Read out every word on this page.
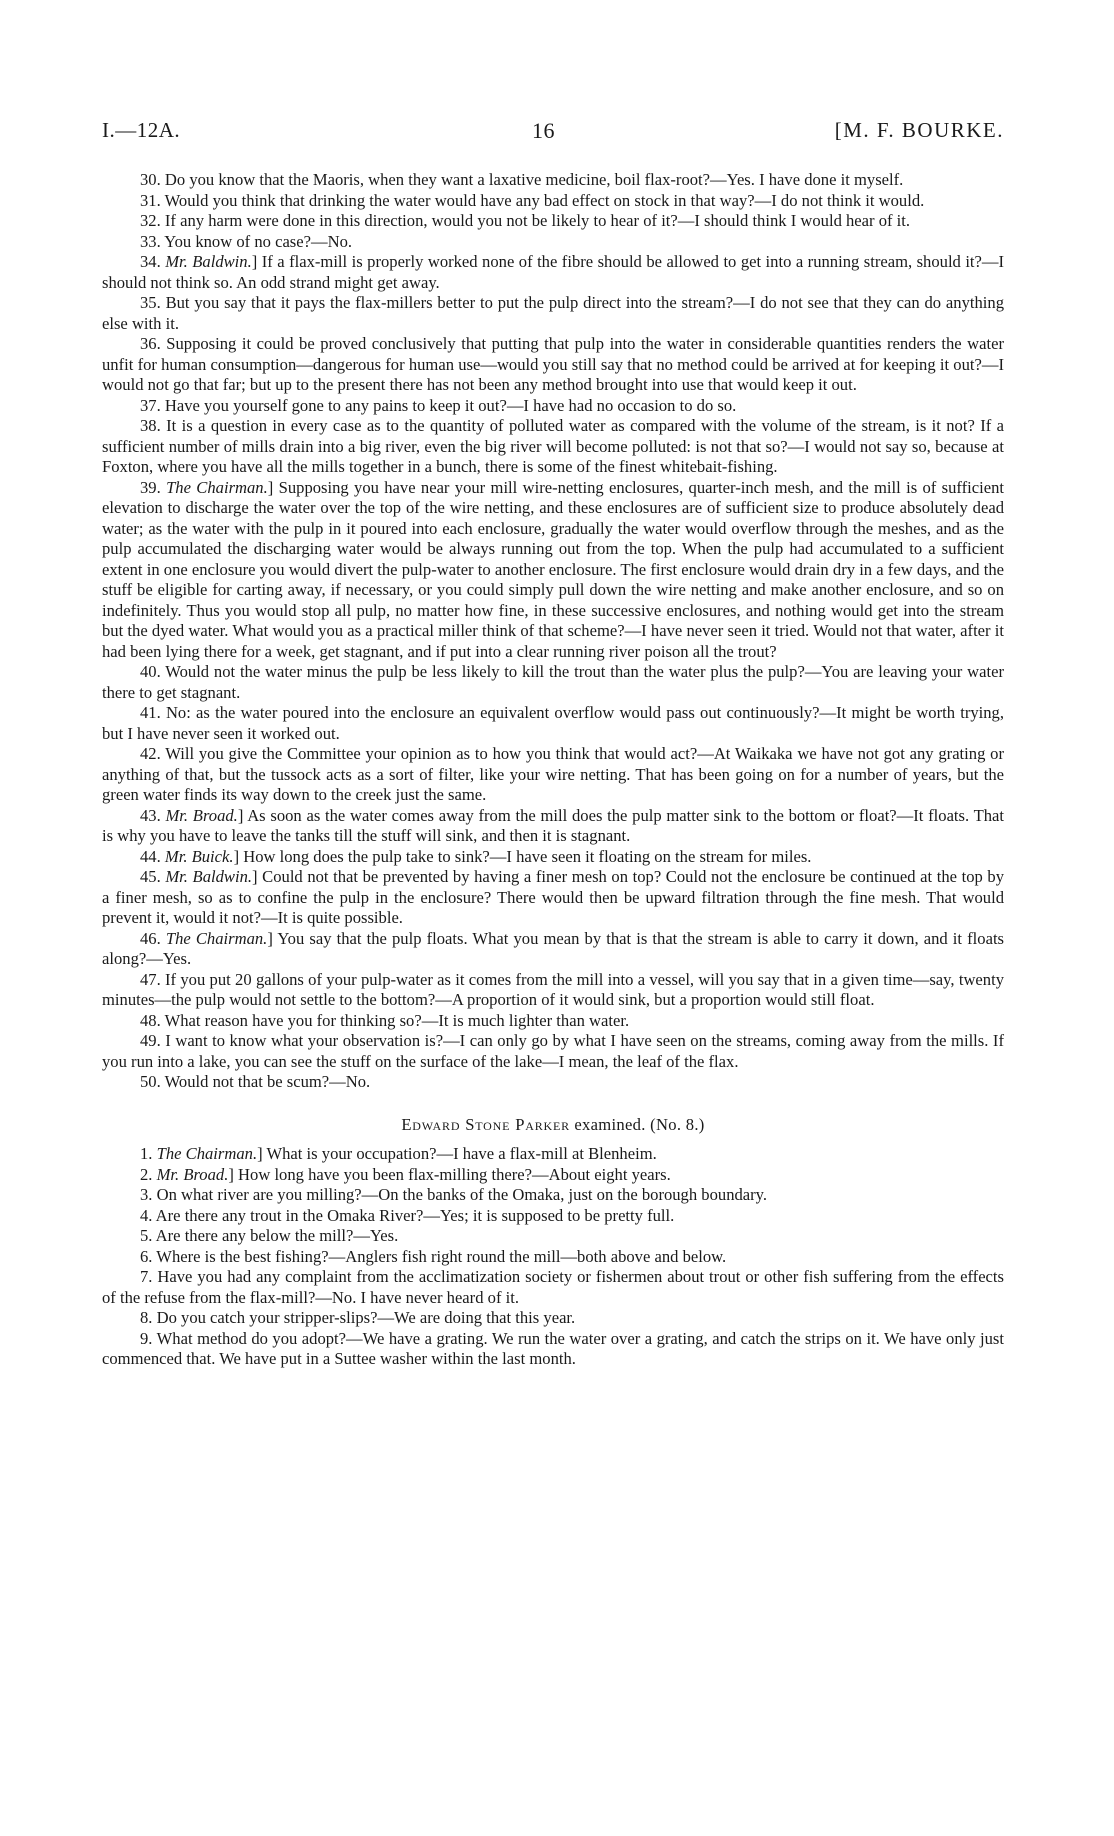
I.—12A.	16	[M. F. BOURKE.

30. Do you know that the Maoris, when they want a laxative medicine, boil flax-root?—Yes. I have done it myself.

31. Would you think that drinking the water would have any bad effect on stock in that way?—I do not think it would.

32. If any harm were done in this direction, would you not be likely to hear of it?—I should think I would hear of it.

33. You know of no case?—No.

34. Mr. Baldwin.] If a flax-mill is properly worked none of the fibre should be allowed to get into a running stream, should it?—I should not think so. An odd strand might get away.

35. But you say that it pays the flax-millers better to put the pulp direct into the stream?—I do not see that they can do anything else with it.

36. Supposing it could be proved conclusively that putting that pulp into the water in considerable quantities renders the water unfit for human consumption—dangerous for human use—would you still say that no method could be arrived at for keeping it out?—I would not go that far; but up to the present there has not been any method brought into use that would keep it out.

37. Have you yourself gone to any pains to keep it out?—I have had no occasion to do so.

38. It is a question in every case as to the quantity of polluted water as compared with the volume of the stream, is it not? If a sufficient number of mills drain into a big river, even the big river will become polluted: is not that so?—I would not say so, because at Foxton, where you have all the mills together in a bunch, there is some of the finest whitebait-fishing.

39. The Chairman.] Supposing you have near your mill wire-netting enclosures, quarter-inch mesh, and the mill is of sufficient elevation to discharge the water over the top of the wire netting, and these enclosures are of sufficient size to produce absolutely dead water; as the water with the pulp in it poured into each enclosure, gradually the water would overflow through the meshes, and as the pulp accumulated the discharging water would be always running out from the top. When the pulp had accumulated to a sufficient extent in one enclosure you would divert the pulp-water to another enclosure. The first enclosure would drain dry in a few days, and the stuff be eligible for carting away, if necessary, or you could simply pull down the wire netting and make another enclosure, and so on indefinitely. Thus you would stop all pulp, no matter how fine, in these successive enclosures, and nothing would get into the stream but the dyed water. What would you as a practical miller think of that scheme?—I have never seen it tried. Would not that water, after it had been lying there for a week, get stagnant, and if put into a clear running river poison all the trout?

40. Would not the water minus the pulp be less likely to kill the trout than the water plus the pulp?—You are leaving your water there to get stagnant.

41. No: as the water poured into the enclosure an equivalent overflow would pass out continuously?—It might be worth trying, but I have never seen it worked out.

42. Will you give the Committee your opinion as to how you think that would act?—At Waikaka we have not got any grating or anything of that, but the tussock acts as a sort of filter, like your wire netting. That has been going on for a number of years, but the green water finds its way down to the creek just the same.

43. Mr. Broad.] As soon as the water comes away from the mill does the pulp matter sink to the bottom or float?—It floats. That is why you have to leave the tanks till the stuff will sink, and then it is stagnant.

44. Mr. Buick.] How long does the pulp take to sink?—I have seen it floating on the stream for miles.

45. Mr. Baldwin.] Could not that be prevented by having a finer mesh on top? Could not the enclosure be continued at the top by a finer mesh, so as to confine the pulp in the enclosure? There would then be upward filtration through the fine mesh. That would prevent it, would it not?—It is quite possible.

46. The Chairman.] You say that the pulp floats. What you mean by that is that the stream is able to carry it down, and it floats along?—Yes.

47. If you put 20 gallons of your pulp-water as it comes from the mill into a vessel, will you say that in a given time—say, twenty minutes—the pulp would not settle to the bottom?—A proportion of it would sink, but a proportion would still float.

48. What reason have you for thinking so?—It is much lighter than water.

49. I want to know what your observation is?—I can only go by what I have seen on the streams, coming away from the mills. If you run into a lake, you can see the stuff on the surface of the lake—I mean, the leaf of the flax.

50. Would not that be scum?—No.

Edward Stone Parker examined. (No. 8.)

1. The Chairman.] What is your occupation?—I have a flax-mill at Blenheim.

2. Mr. Broad.] How long have you been flax-milling there?—About eight years.

3. On what river are you milling?—On the banks of the Omaka, just on the borough boundary.

4. Are there any trout in the Omaka River?—Yes; it is supposed to be pretty full.

5. Are there any below the mill?—Yes.

6. Where is the best fishing?—Anglers fish right round the mill—both above and below.

7. Have you had any complaint from the acclimatization society or fishermen about trout or other fish suffering from the effects of the refuse from the flax-mill?—No. I have never heard of it.

8. Do you catch your stripper-slips?—We are doing that this year.

9. What method do you adopt?—We have a grating. We run the water over a grating, and catch the strips on it. We have only just commenced that. We have put in a Suttee washer within the last month.
